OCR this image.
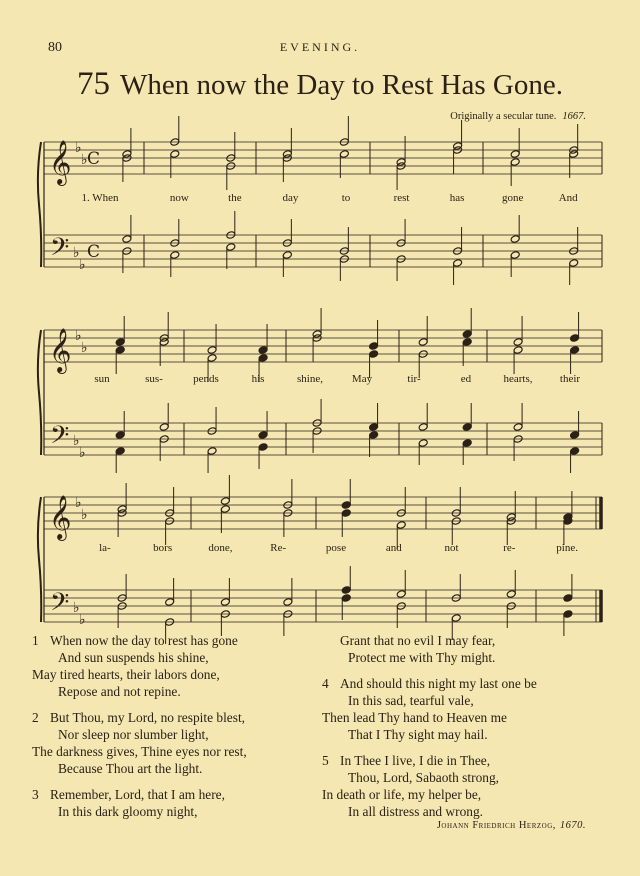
80	EVENING.
75 When now the Day to Rest Has Gone.
Originally a secular tune. 1667.
𝄞
𝄢
♭
♭
♭
♭
C
C
1. When	now	the	day	to	rest	has	gone	And
𝄞
𝄢
♭
♭
♭
♭
sun	sus-	pends	his	shine,	May	tir-	ed	hearts, their
𝄞
𝄢
♭
♭
♭
♭
la-	bors	done,	Re-	pose	and	not	re-	pine.
1 When now the day to rest has gone
And sun suspends his shine,
May tired hearts, their labors done,
Repose and not repine.
2 But Thou, my Lord, no respite blest,
Nor sleep nor slumber light,
The darkness gives, Thine eyes nor rest,
Because Thou art the light.
3 Remember, Lord, that I am here,
In this dark gloomy night,
Grant that no evil I may fear,
Protect me with Thy might.
4 And should this night my last one be
In this sad, tearful vale,
Then lead Thy hand to Heaven me
That I Thy sight may hail.
5 In Thee I live, I die in Thee,
Thou, Lord, Sabaoth strong,
In death or life, my helper be,
In all distress and wrong.
Johann Friedrich Herzog, 1670.
